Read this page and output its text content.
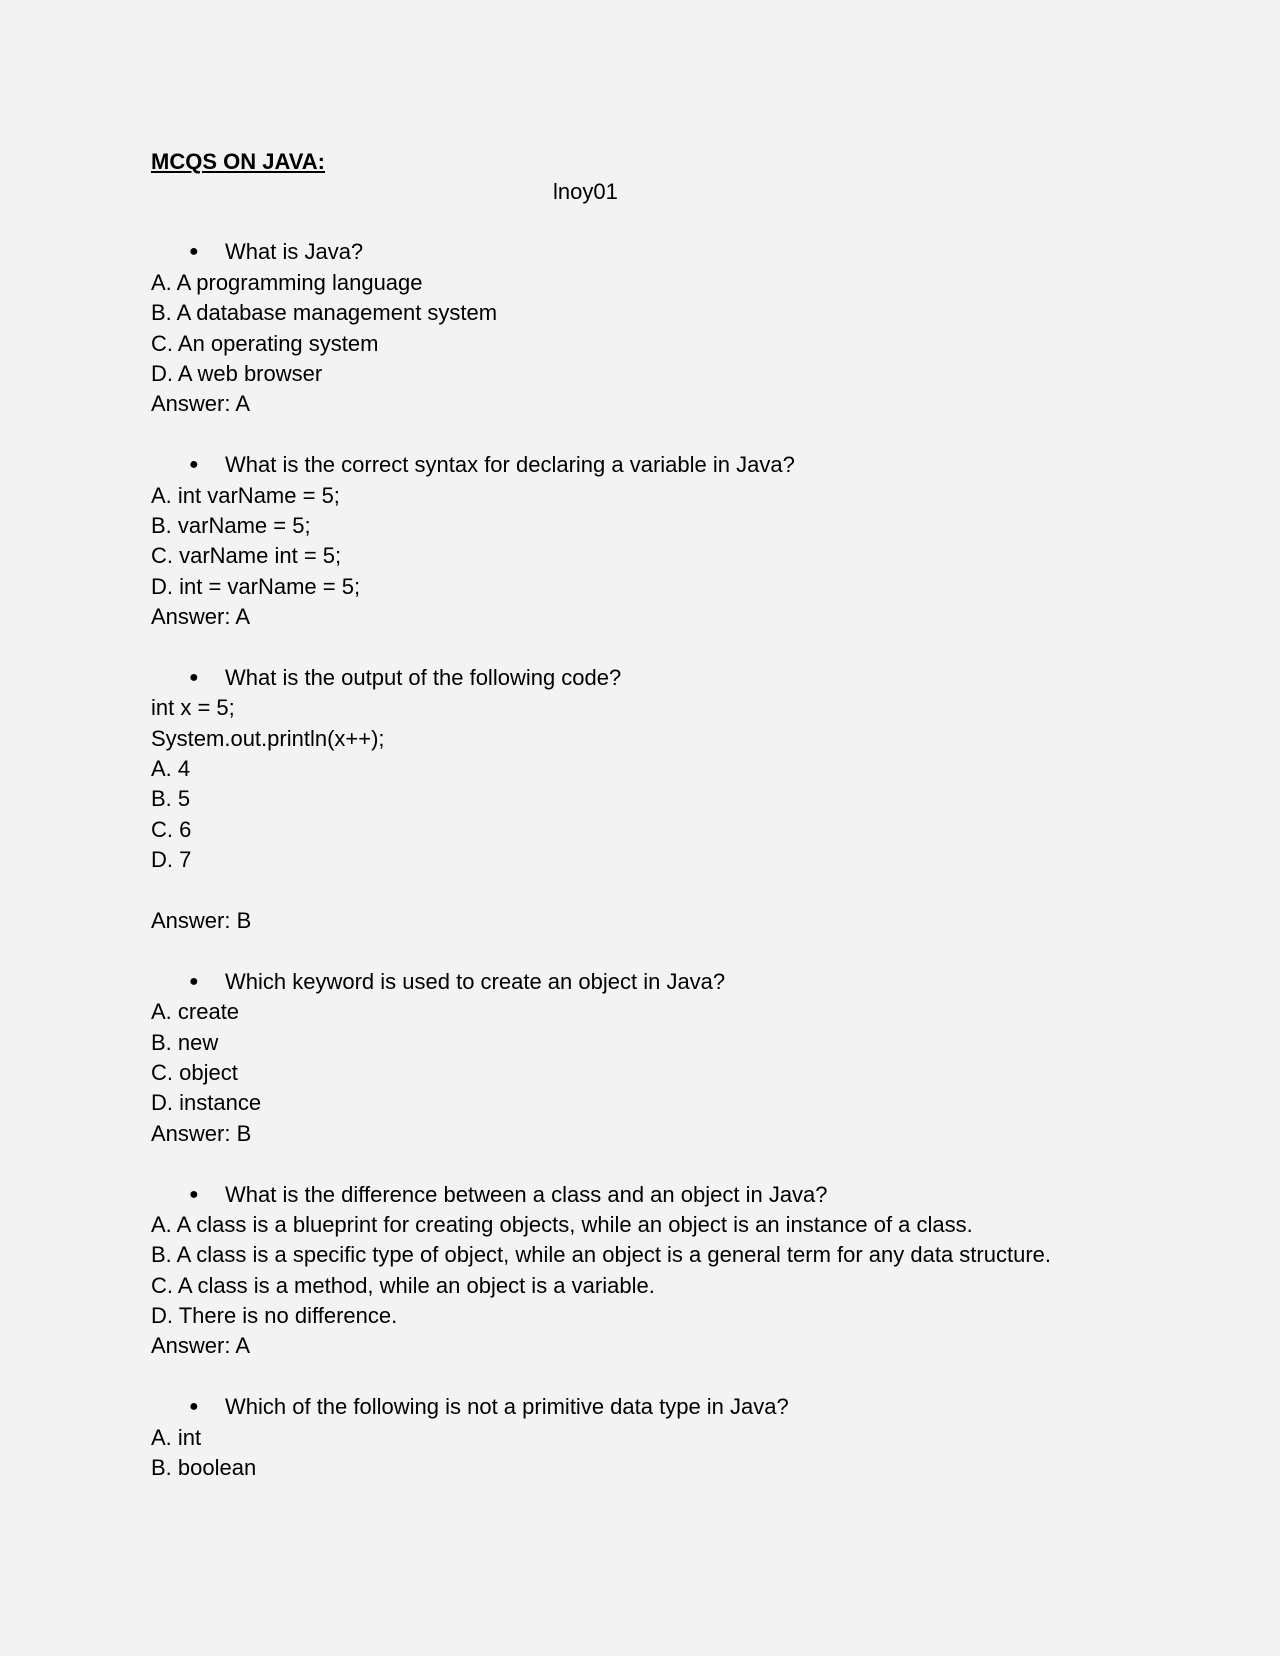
MCQS ON JAVA:
lnoy01
● What is Java?
A. A programming language
B. A database management system
C. An operating system
D. A web browser
Answer: A
● What is the correct syntax for declaring a variable in Java?
A. int varName = 5;
B. varName = 5;
C. varName int = 5;
D. int = varName = 5;
Answer: A
● What is the output of the following code?
int x = 5;
System.out.println(x++);
A. 4
B. 5
C. 6
D. 7
Answer: B
● Which keyword is used to create an object in Java?
A. create
B. new
C. object
D. instance
Answer: B
● What is the difference between a class and an object in Java?
A. A class is a blueprint for creating objects, while an object is an instance of a class.
B. A class is a specific type of object, while an object is a general term for any data structure.
C. A class is a method, while an object is a variable.
D. There is no difference.
Answer: A
● Which of the following is not a primitive data type in Java?
A. int
B. boolean
